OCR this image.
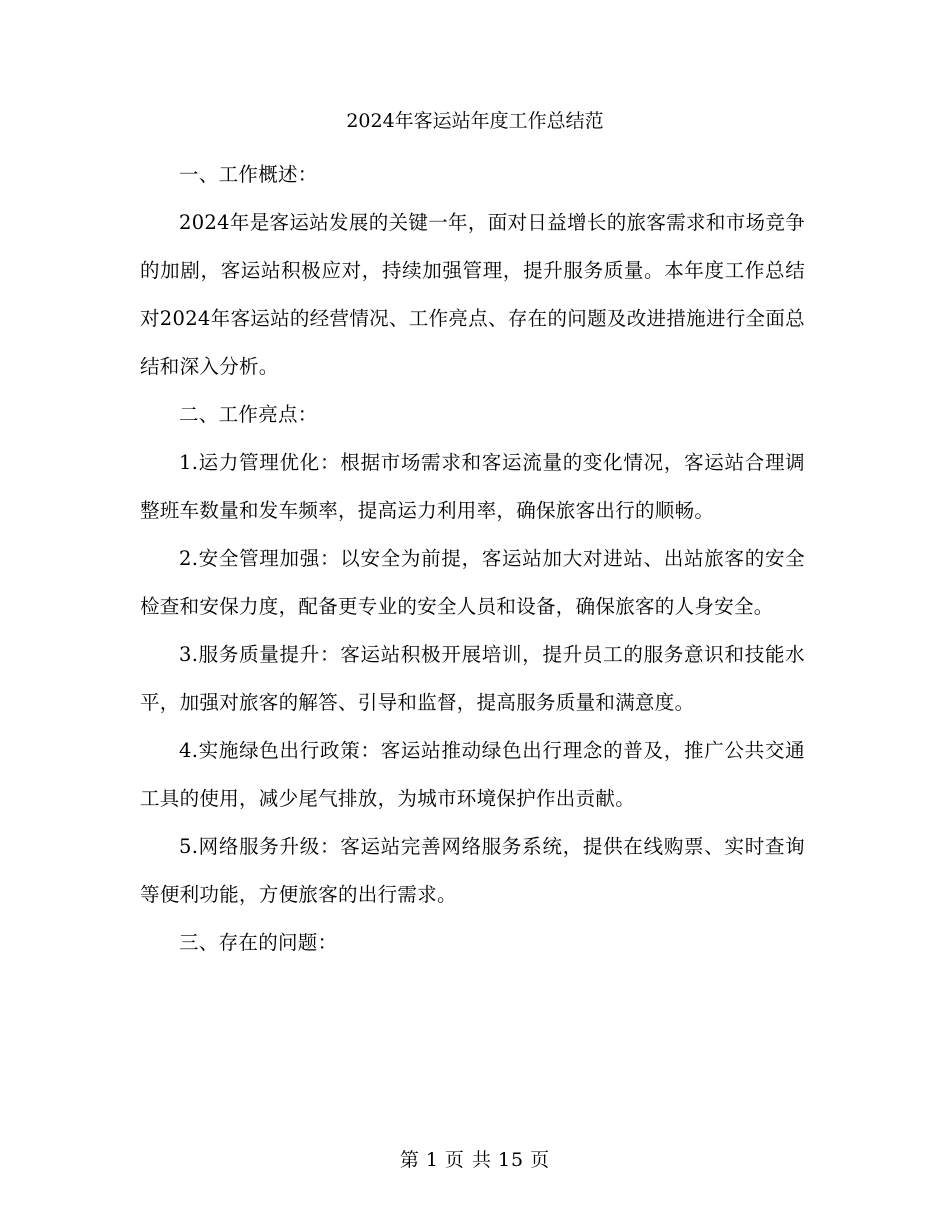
2024年客运站年度工作总结范

一、工作概述：

2024年是客运站发展的关键一年，面对日益增长的旅客需求和市场竞争的加剧，客运站积极应对，持续加强管理，提升服务质量。本年度工作总结对2024年客运站的经营情况、工作亮点、存在的问题及改进措施进行全面总结和深入分析。

二、工作亮点：

1.运力管理优化：根据市场需求和客运流量的变化情况，客运站合理调整班车数量和发车频率，提高运力利用率，确保旅客出行的顺畅。

2.安全管理加强：以安全为前提，客运站加大对进站、出站旅客的安全检查和安保力度，配备更专业的安全人员和设备，确保旅客的人身安全。

3.服务质量提升：客运站积极开展培训，提升员工的服务意识和技能水平，加强对旅客的解答、引导和监督，提高服务质量和满意度。

4.实施绿色出行政策：客运站推动绿色出行理念的普及，推广公共交通工具的使用，减少尾气排放，为城市环境保护作出贡献。

5.网络服务升级：客运站完善网络服务系统，提供在线购票、实时查询等便利功能，方便旅客的出行需求。

三、存在的问题：

第 1 页 共 15 页
